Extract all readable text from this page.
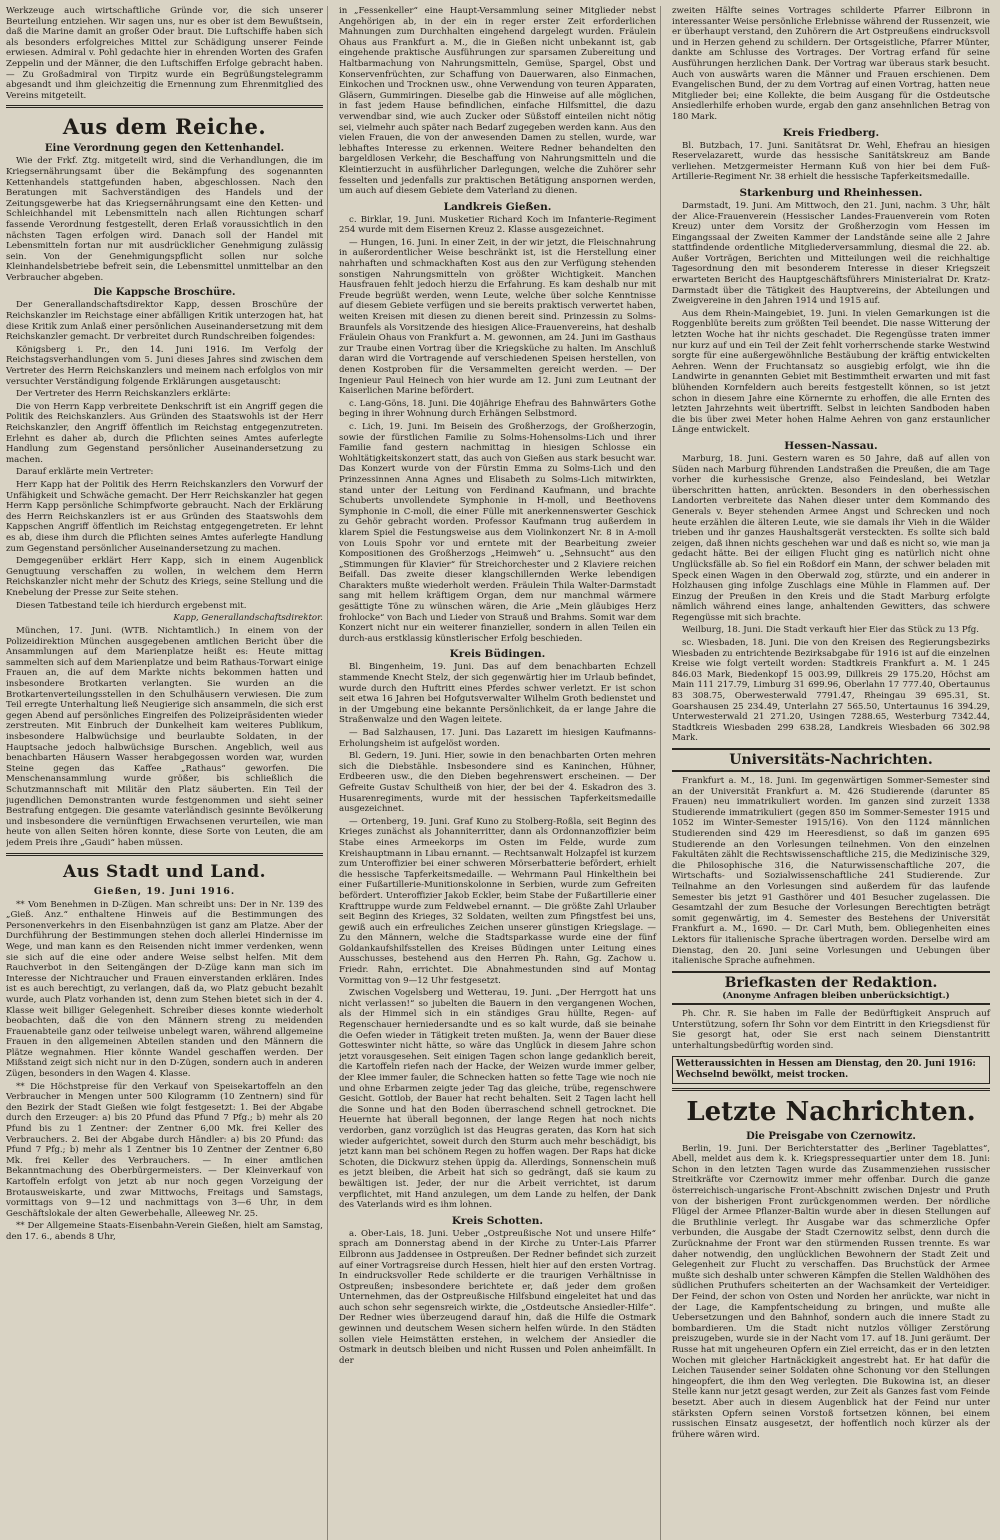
Werkzeuge auch wirtschaftliche Gründe vor, die sich unserer Beurteilung entziehen. Wir sagen uns, nur es ober ist dem Bewußtsein, daß die Marine damit an großer Oder braut. Die Luftschiffe haben sich als besonders erfolgreiches Mittel zur Schädigung unserer Feinde erwiesen. Admiral v. Pohl gedachte hier in ehrenden Worten des Grafen Zeppelin und der Männer, die den Luftschiffen Erfolge gebracht haben. — Zu Großadmiral von Tirpitz wurde ein Begrüßungstelegramm abgesandt und ihm gleichzeitig die Ernennung zum Ehrenmitglied des Vereins mitgeteilt.

Aus dem Reiche.
Eine Verordnung gegen den Kettenhandel.

Wie der Frkf. Ztg. mitgeteilt wird, sind die Verhandlungen, die im Kriegsernährungsamt über die Bekämpfung des sogenannten Kettenhandels stattgefunden haben, abgeschlossen. Nach den Beratungen mit Sachverständigen des Handels und der Zeitungsgewerbe hat das Kriegsernährungsamt eine den Ketten- und Schleichhandel mit Lebensmitteln nach allen Richtungen scharf fassende Verordnung festgestellt, deren Erlaß voraussichtlich in den nächsten Tagen erfolgen wird. Danach soll der Handel mit Lebensmitteln fortan nur mit ausdrücklicher Genehmigung zulässig sein. Von der Genehmigungspflicht sollen nur solche Kleinhandelsbetriebe befreit sein, die Lebensmittel unmittelbar an den Verbraucher abgeben.

Die Kappsche Broschüre.

Der Generallandschaftsdirektor Kapp, dessen Broschüre der Reichskanzler im Reichstage einer abfälligen Kritik unterzogen hat, hat diese Kritik zum Anlaß einer persönlichen Auseinandersetzung mit dem Reichskanzler gemacht. Dr verbreitet durch Rundschreiben folgendes:

Königsberg i. Pr., den 14. Juni 1916. Im Verfolg der Reichstagsverhandlungen vom 5. Juni dieses Jahres sind zwischen dem Vertreter des Herrn Reichskanzlers und meinem nach erfolglos von mir versuchter Verständigung folgende Erklärungen ausgetauscht:

Der Vertreter des Herrn Reichskanzlers erklärte:

Die von Herrn Kapp verbreitete Denkschrift ist ein Angriff gegen die Politik des Reichskanzlers. Aus Gründen des Staatswohls ist der Herr Reichskanzler, den Angriff öffentlich im Reichstag entgegenzutreten. Erlehnt es daher ab, durch die Pflichten seines Amtes auferlegte Handlung zum Gegenstand persönlicher Auseinandersetzung zu machen.

Darauf erklärte mein Vertreter:

Herr Kapp hat der Politik des Herrn Reichskanzlers den Vorwurf der Unfähigkeit und Schwäche gemacht. Der Herr Reichskanzler hat gegen Herrn Kapp persönliche Schimpfworte gebraucht. Nach der Erklärung des Herrn Reichskanzlers ist er aus Gründen des Staatswohls dem Kappschen Angriff öffentlich im Reichstag entgegengetreten. Er lehnt es ab, diese ihm durch die Pflichten seines Amtes auferlegte Handlung zum Gegenstand persönlicher Auseinandersetzung zu machen.

Demgegenüber erklärt Herr Kapp, sich in einem Augenblick Genugtuung verschaffen zu wollen, in welchem dem Herrn Reichskanzler nicht mehr der Schutz des Kriegs, seine Stellung und die Knebelung der Presse zur Seite stehen.

Diesen Tatbestand teile ich hierdurch ergebenst mit.

Kapp, Generallandschaftsdirektor.

München, 17. Juni. (WTB. Nichtamtlich.) In einem von der Polizeidirektion München ausgegebenen amtlichen Bericht über die Ansammlungen auf dem Marienplatze heißt es: Heute mittag sammelten sich auf dem Marienplatze und beim Rathaus-Torwart einige Frauen an, die auf dem Markte nichts bekommen hatten und insbesondere Brotkarten verlangten. Sie wurden an die Brotkartenverteilungsstellen in den Schulhäusern verwiesen. Die zum Teil erregte Unterhaltung ließ Neugierige sich ansammeln, die sich erst gegen Abend auf persönliches Eingreifen des Polizeipräsidenten wieder zerstreuten. Mit Einbruch der Dunkelheit kam weiteres Publikum, insbesondere Halbwüchsige und beurlaubte Soldaten, in der Hauptsache jedoch halbwüchsige Burschen. Angeblich, weil aus benachbarten Häusern Wasser herabgegossen worden war, wurden Steine gegen das Kaffee „Rathaus“ geworfen. Die Menschenansammlung wurde größer, bis schließlich die Schutzmannschaft mit Militär den Platz säuberten. Ein Teil der jugendlichen Demonstranten wurde festgenommen und sieht seiner Bestrafung entgegen. Die gesamte vaterländisch gesinnte Bevölkerung und insbesondere die vernünftigen Erwachsenen verurteilen, wie man heute von allen Seiten hören konnte, diese Sorte von Leuten, die am jedem Preis ihre „Gaudi“ haben müssen.

Aus Stadt und Land.
Gießen, 19. Juni 1916.

** Vom Benehmen in D-Zügen. Man schreibt uns: Der in Nr. 139 des „Gieß. Anz.“ enthaltene Hinweis auf die Bestimmungen des Personenverkehrs in den Eisenbahnzügen ist ganz am Platze. Aber der Durchführung der Bestimmungen stehen doch allerlei Hindernisse im Wege, und man kann es den Reisenden nicht immer verdenken, wenn sie sich auf die eine oder andere Weise selbst helfen. Mit dem Rauchverbot in den Seitengängen der D-Züge kann man sich im Interesse der Nichtraucher und Frauen einverstanden erklären. Indes ist es auch berechtigt, zu verlangen, daß da, wo Platz gebucht bezahlt wurde, auch Platz vorhanden ist, denn zum Stehen bietet sich in der 4. Klasse weit billiger Gelegenheit. Schreiber dieses konnte wiederholt beobachten, daß die von den Männern streng zu meidenden Frauenabteile ganz oder teilweise unbelegt waren, während allgemeine Frauen in den allgemeinen Abteilen standen und den Männern die Plätze wegnahmen. Hier könnte Wandel geschaffen werden. Der Mißstand zeigt sich nicht nur in den D-Zügen, sondern auch in anderen Zügen, besonders in den Wagen 4. Klasse.

** Die Höchstpreise für den Verkauf von Speisekartoffeln an den Verbraucher in Mengen unter 500 Kilogramm (10 Zentnern) sind für den Bezirk der Stadt Gießen wie folgt festgesetzt: 1. Bei der Abgabe durch den Erzeuger: a) bis 20 Pfund das Pfund 7 Pfg.; b) mehr als 20 Pfund bis zu 1 Zentner: der Zentner 6,00 Mk. frei Keller des Verbrauchers. 2. Bei der Abgabe durch Händler: a) bis 20 Pfund: das Pfund 7 Pfg.; b) mehr als 1 Zentner bis 10 Zentner der Zentner 6,80 Mk. frei Keller des Verbrauchers. — In einer amtlichen Bekanntmachung des Oberbürgermeisters. — Der Kleinverkauf von Kartoffeln erfolgt von jetzt ab nur noch gegen Vorzeigung der Brotausweiskarte, und zwar Mittwochs, Freitags und Samstags, vormittags von 9—12 und nachmittags von 3—6 Uhr, in dem Geschäftslokale der alten Gewerbehalle, Alleeweg Nr. 25.

** Der Allgemeine Staats-Eisenbahn-Verein Gießen, hielt am Samstag, den 17. 6., abends 8 Uhr,

in „Fessenkeller“ eine Haupt-Versammlung seiner Mitglieder nebst Angehörigen ab, in der ein in reger erster Zeit erforderlichen Mahnungen zum Durchhalten eingehend dargelegt wurden. Fräulein Ohaus aus Frankfurt a. M., die in Gießen nicht unbekannt ist, gab eingehende praktische Ausführungen zur sparsamen Zubereitung und Haltbarmachung von Nahrungsmitteln, Gemüse, Spargel, Obst und Konservenfrüchten, zur Schaffung von Dauerwaren, also Einmachen, Einkochen und Trocknen usw., ohne Verwendung von teuren Apparaten, Gläsern, Gummiringen. Dieselbe gab die Hinweise auf alle möglichen, in fast jedem Hause befindlichen, einfache Hilfsmittel, die dazu verwendbar sind, wie auch Zucker oder Süßstoff einteilen nicht nötig sei, vielmehr auch später nach Bedarf zugegeben werden kann. Aus den vielen Frauen, die von der anwesenden Damen zu stellen, wurde, war lebhaftes Interesse zu erkennen. Weitere Redner behandelten den bargeldlosen Verkehr, die Beschaffung von Nahrungsmitteln und die Kleintierzucht in ausführlicher Darlegungen, welche die Zuhörer sehr fesselten und jedenfalls zur praktischen Betätigung anspornen werden, um auch auf diesem Gebiete dem Vaterland zu dienen.

Landkreis Gießen.

c. Birklar, 19. Juni. Musketier Richard Koch im Infanterie-Regiment 254 wurde mit dem Eisernen Kreuz 2. Klasse ausgezeichnet.

— Hungen, 16. Juni. In einer Zeit, in der wir jetzt, die Fleischnahrung in außerordentlicher Weise beschränkt ist, ist die Herstellung einer nahrhaften und schmackhaften Kost aus den zur Verfügung stehenden sonstigen Nahrungsmitteln von größter Wichtigkeit. Manchen Hausfrauen fehlt jedoch hierzu die Erfahrung. Es kam deshalb nur mit Freude begrüßt werden, wenn Leute, welche über solche Kenntnisse auf diesem Gebiete verfügen und sie bereits praktisch verwertet haben, weiten Kreisen mit diesen zu dienen bereit sind. Prinzessin zu Solms-Braunfels als Vorsitzende des hiesigen Alice-Frauenvereins, hat deshalb Fräulein Ohaus von Frankfurt a. M. gewonnen, am 24. Juni im Gasthaus zur Traube einen Vortrag über die Kriegsküche zu halten. Im Anschluß daran wird die Vortragende auf verschiedenen Speisen herstellen, von denen Kostproben für die Versammelten gereicht werden. — Der Ingenieur Paul Heinech von hier wurde am 12. Juni zum Leutnant der Kaiserlichen Marine befördert.

c. Lang-Göns, 18. Juni. Die 40jährige Ehefrau des Bahnwärters Gothe beging in ihrer Wohnung durch Erhängen Selbstmord.

c. Lich, 19. Juni. Im Beisein des Großherzogs, der Großherzogin, sowie der fürstlichen Familie zu Solms-Hohensolms-Lich und ihrer Familie fand gestern nachmittag in hiesigen Schlosse ein Wohltätigkeitskonzert statt, das auch von Gießen aus stark besucht war. Das Konzert wurde von der Fürstin Emma zu Solms-Lich und den Prinzessinnen Anna Agnes und Elisabeth zu Solms-Lich mitwirkten, stand unter der Leitung von Ferdinand Kaufmann, und brachte Schuberts unvollendete Symphonie in H-moll, und Beethovens Symphonie in C-moll, die einer Fülle mit anerkennenswerter Geschick zu Gehör gebracht worden. Professor Kaufmann trug außerdem in klarem Spiel die Festungsweise aus dem Violinkonzert Nr. 8 in A-moll von Louis Spohr vor und erntete mit der Bearbeitung zweier Kompositionen des Großherzogs „Heimweh“ u. „Sehnsucht“ aus den „Stimmungen für Klavier“ für Streichorchester und 2 Klaviere reichen Beifall. Das zweite dieser klangschillernden Werke lebendigen Charakters mußte wiederholt werden. Fräulein Thila Walter-Darmstadt sang mit hellem kräftigem Organ, dem nur manchmal wärmere gesättigte Töne zu wünschen wären, die Arie „Mein gläubiges Herz frohlocke“ von Bach und Lieder von Strauß und Brahms. Somit war dem Konzert nicht nur ein weiterer finanzieller, sondern in allen Teilen ein durch-aus erstklassig künstlerischer Erfolg beschieden.

Kreis Büdingen.

Bl. Bingenheim, 19. Juni. Das auf dem benachbarten Echzell stammende Knecht Stelz, der sich gegenwärtig hier im Urlaub befindet, wurde durch den Huftritt eines Pferdes schwer verletzt. Er ist schon seit etwa 16 Jahren bei Hofgutsverwalter Wilhelm Groth bedienstet und in der Umgebung eine bekannte Persönlichkeit, da er lange Jahre die Straßenwalze und den Wagen leitete.

— Bad Salzhausen, 17. Juni. Das Lazarett im hiesigen Kaufmanns-Erholungsheim ist aufgelöst worden.

Bl. Gedern, 19. Juni. Hier, sowie in den benachbarten Orten mehren sich die Diebstähle. Insbesondere sind es Kaninchen, Hühner, Erdbeeren usw., die den Dieben begehrenswert erscheinen. — Der Gefreite Gustav Schultheiß von hier, der bei der 4. Eskadron des 3. Husarenregiments, wurde mit der hessischen Tapferkeitsmedaille ausgezeichnet.

— Ortenberg, 19. Juni. Graf Kuno zu Stolberg-Roßla, seit Beginn des Krieges zunächst als Johanniterritter, dann als Ordonnanzoffizier beim Stabe eines Armeekorps im Osten im Felde, wurde zum Kreishauptmann in Libau ernannt. — Rechtsanwalt Holzapfel ist kurzem zum Unteroffizier bei einer schweren Mörserbatterie befördert, erhielt die hessische Tapferkeitsmedaille. — Wehrmann Paul Hinkelthein bei einer Fußartillerie-Munitionskolonne in Serbien, wurde zum Gefreiten befördert. Unteroffizier Jakob Eckler, beim Stabe der Fußartillerie einer Krafttruppe wurde zum Feldwebel ernannt. — Die größte Zahl Urlauber seit Beginn des Krieges, 32 Soldaten, weilten zum Pfingstfest bei uns, gewiß auch ein erfreuliches Zeichen unserer günstigen Kriegslage. — Zu den Männern, welche die Stadtsparkasse wurde eine der fünf Goldankaufshilfsstellen des Kreises Büdingen unter Leitung eines Ausschusses, bestehend aus den Herren Ph. Rahn, Gg. Zachow u. Friedr. Rahn, errichtet. Die Abnahmestunden sind auf Montag Vormittag von 9—12 Uhr festgesetzt.

Zwischen Vogelsberg und Wetterau, 19. Juni. „Der Herrgott hat uns nicht verlassen!“ so jubelten die Bauern in den vergangenen Wochen, als der Himmel sich in ein ständiges Grau hüllte, Regen- auf Regenschauer herniedersandte und es so kalt wurde, daß sie beinahe die Oefen wieder in Tätigkeit treten mußten. Ja, wenn der Bauer diese Gotteswinter nicht hätte, so wäre das Unglück in diesem Jahre schon jetzt vorausgesehen. Seit einigen Tagen schon lange gedanklich bereit, die Kartoffeln riefen nach der Hacke, der Weizen wurde immer gelber, der Klee immer fauler, die Schnecken hatten so fette Tage wie noch nie und ohne Erbarmen zeigte jeder Tag das gleiche, trübe, regenschwere Gesicht. Gottlob, der Bauer hat recht behalten. Seit 2 Tagen lacht hell die Sonne und hat den Boden überraschend schnell getrocknet. Die Heuernte hat überall begonnen, der lange Regen hat noch nichts verdorben, ganz vorzüglich ist das Heugras geraten, das Korn hat sich wieder aufgerichtet, soweit durch den Sturm auch mehr beschädigt, bis jetzt kann man bei schönem Regen zu hoffen wagen. Der Raps hat dicke Schoten, die Dickwurz stehen üppig da. Allerdings, Sonnenschein muß es jetzt bleiben, die Arbeit hat sich so gedrängt, daß sie kaum zu bewältigen ist. Jeder, der nur die Arbeit verrichtet, ist darum verpflichtet, mit Hand anzulegen, um dem Lande zu helfen, der Dank des Vaterlands wird es ihm lohnen.

Kreis Schotten.

a. Ober-Lais, 18. Juni. Ueber „Ostpreußische Not und unsere Hilfe“ sprach am Donnerstag abend in der Kirche zu Unter-Lais Pfarrer Eilbronn aus Jaddensee in Ostpreußen. Der Redner befindet sich zurzeit auf einer Vortragsreise durch Hessen, hielt hier auf den ersten Vortrag. In eindrucksvoller Rede schilderte er die traurigen Verhältnisse in Ostpreußen; insbesondere berichtete er, daß jeder dem großen Unternehmen, das der Ostpreußische Hilfsbund eingeleitet hat und das auch schon sehr segensreich wirkte, die „Ostdeutsche Ansiedler-Hilfe“. Der Redner wies überzeugend darauf hin, daß die Hilfe die Ostmark gewinnen und deutschem Wesen sichern helfen würde. In den Städten sollen viele Heimstätten erstehen, in welchem der Ansiedler die Ostmark in deutsch bleiben und nicht Russen und Polen anheimfällt. In der

zweiten Hälfte seines Vortrages schilderte Pfarrer Eilbronn in interessanter Weise persönliche Erlebnisse während der Russenzeit, wie er überhaupt verstand, den Zuhörern die Art Ostpreußens eindrucksvoll und in Herzen gehend zu schildern. Der Ortsgeistliche, Pfarrer Münter, dankte am Schlusse des Vortrages. Der Vortrag erfand für seine Ausführungen herzlichen Dank. Der Vortrag war überaus stark besucht. Auch von auswärts waren die Männer und Frauen erschienen. Dem Evangelischen Bund, der zu dem Vortrag auf einen Vortrag, hatten neue Mitglieder bei; eine Kollekte, die beim Ausgang für die Ostdeutsche Ansiedlerhilfe erhoben wurde, ergab den ganz ansehnlichen Betrag von 180 Mark.

Kreis Friedberg.

Bl. Butzbach, 17. Juni. Sanitätsrat Dr. Wehl, Ehefrau an hiesigen Reservelazarett, wurde das hessische Sanitätskreuz am Bande verliehen. Metzgermeister Hermann Kuß von hier bei dem Fuß-Artillerie-Regiment Nr. 38 erhielt die hessische Tapferkeitsmedaille.

Starkenburg und Rheinhessen.

Darmstadt, 19. Juni. Am Mittwoch, den 21. Juni, nachm. 3 Uhr, hält der Alice-Frauenverein (Hessischer Landes-Frauenverein vom Roten Kreuz) unter dem Vorsitz der Großherzogin vom Hessen im Eingangssaal der Zweiten Kammer der Landstände seine alle 2 Jahre stattfindende ordentliche Mitgliederversammlung, diesmal die 22. ab. Außer Vorträgen, Berichten und Mitteilungen weil die reichhaltige Tagesordnung den mit besonderem Interesse in dieser Kriegszeit erwarteten Bericht des Hauptgeschäftsführers Ministerialrat Dr. Kratz-Darmstadt über die Tätigkeit des Hauptvereins, der Abteilungen und Zweigvereine in den Jahren 1914 und 1915 auf.

Aus dem Rhein-Maingebiet, 19. Juni. In vielen Gemarkungen ist die Roggenblüte bereits zum größten Teil beendet. Die nasse Witterung der letzten Woche hat ihr nichts geschadet. Die Regengüsse traten immer nur kurz auf und ein Teil der Zeit fehlt vorherrschende starke Westwind sorgte für eine außergewöhnliche Bestäubung der kräftig entwickelten Aehren. Wenn der Fruchtansatz so ausgiebig erfolgt, wie ihn die Landwirte in genannten Gebiet mit Bestimmtheit erwarten und mit fast blühenden Kornfeldern auch bereits festgestellt können, so ist jetzt schon in diesem Jahre eine Körnernte zu erhoffen, die alle Ernten des letzten Jahrzehnts weit übertrifft. Selbst in leichten Sandboden haben die bis über zwei Meter hohen Halme Aehren von ganz erstaunlicher Länge entwickelt.

Hessen-Nassau.

Marburg, 18. Juni. Gestern waren es 50 Jahre, daß auf allen von Süden nach Marburg führenden Landstraßen die Preußen, die am Tage vorher die kurhessische Grenze, also Feindesland, bei Wetzlar überschritten hatten, anrückten. Besonders in den oberhessischen Landorten verbreitete das Nahen dieser unter dem Kommando des Generals v. Beyer stehenden Armee Angst und Schrecken und noch heute erzählen die älteren Leute, wie sie damals ihr Vieh in die Wälder trieben und ihr ganzes Haushaltsgerät versteckten. Es sollte sich bald zeigen, daß ihnen nichts geschehen war und daß es nicht so, wie man ja gedacht hätte. Bei der eiligen Flucht ging es natürlich nicht ohne Unglücksfälle ab. So fiel ein Roßdorf ein Mann, der schwer beladen mit Speck einen Wagen in den Oberwald zog, stürzte, und ein anderer in Holzhausen ging infolge Zuschlags eine Mühle in Flammen auf. Der Einzug der Preußen in den Kreis und die Stadt Marburg erfolgte nämlich während eines lange, anhaltenden Gewitters, das schwere Regengüsse mit sich brachte.

Weilburg, 18. Juni. Die Stadt verkauft hier Eier das Stück zu 13 Pfg.

sc. Wiesbaden, 18. Juni. Die von den Kreisen des Regierungsbezirks Wiesbaden zu entrichtende Bezirksabgabe für 1916 ist auf die einzelnen Kreise wie folgt verteilt worden: Stadtkreis Frankfurt a. M. 1 245 846.03 Mark, Biedenkopf 15 003.99, Dillkreis 29 175.20, Höchst am Main 111 217.79, Limburg 31 699.96, Oberlahn 17 777.40, Obertaunus 83 308.75, Oberwesterwald 7791.47, Rheingau 39 695.31, St. Goarshausen 25 234.49, Unterlahn 27 565.50, Untertaunus 16 394.29, Unterwesterwald 21 271.20, Usingen 7288.65, Westerburg 7342.44, Stadtkreis Wiesbaden 299 638.28, Landkreis Wiesbaden 66 302.98 Mark.

Universitäts-Nachrichten.

Frankfurt a. M., 18. Juni. Im gegenwärtigen Sommer-Semester sind an der Universität Frankfurt a. M. 426 Studierende (darunter 85 Frauen) neu immatrikuliert worden. Im ganzen sind zurzeit 1338 Studierende immatrikuliert (gegen 850 im Sommer-Semester 1915 und 1052 im Winter-Semester 1915/16). Von den 1124 männlichen Studierenden sind 429 im Heeresdienst, so daß im ganzen 695 Studierende an den Vorlesungen teilnehmen. Von den einzelnen Fakultäten zählt die Rechtswissenschaftliche 215, die Medizinische 329, die Philosophische 316, die Naturwissenschaftliche 207, die Wirtschafts- und Sozialwissenschaftliche 241 Studierende. Zur Teilnahme an den Vorlesungen sind außerdem für das laufende Semester bis jetzt 91 Gasthörer und 401 Besucher zugelassen. Die Gesamtzahl der zum Besuche der Vorlesungen Berechtigten beträgt somit gegenwärtig, im 4. Semester des Bestehens der Universität Frankfurt a. M., 1690. — Dr. Carl Muth, bem. Obliegenheiten eines Lektors für italienische Sprache übertragen worden. Derselbe wird am Dienstag, den 20. Juni seine Vorlesungen und Uebungen über italienische Sprache aufnehmen.

Briefkasten der Redaktion.

(Anonyme Anfragen bleiben unberücksichtigt.)

Ph. Chr. R. Sie haben im Falle der Bedürftigkeit Anspruch auf Unterstützung, sofern Ihr Sohn vor dem Eintritt in den Kriegsdienst für Sie gesorgt hat, oder Sie erst nach seinem Dienstantritt unterhaltungsbedürftig worden sind.

Wetteraussichten in Hessen am Dienstag, den 20. Juni 1916: Wechselnd bewölkt, meist trocken.
Letzte Nachrichten.
Die Preisgabe von Czernowitz.

Berlin, 19. Juni. Der Berichterstatter des „Berliner Tageblattes“, Abell, meldet aus dem k. k. Kriegspressequartier unter dem 18. Juni: Schon in den letzten Tagen wurde das Zusammenziehen russischer Streitkräfte vor Czernowitz immer mehr offenbar. Durch die ganze österreichisch-ungarische Front-Abschnitt zwischen Dnjestr und Pruth von der bisherigen Front zurückgenommen werden. Der nördliche Flügel der Armee Pflanzer-Baltin wurde aber in diesen Stellungen auf die Bruthlinie verlegt. Ihr Ausgabe war das schmerzliche Opfer verbunden, die Ausgabe der Stadt Czernowitz selbst, denn durch die Zurücknahme der Front war den stürmenden Russen trennte. Es war daher notwendig, den unglücklichen Bewohnern der Stadt Zeit und Gelegenheit zur Flucht zu verschaffen. Das Bruchstück der Armee mußte sich deshalb unter schweren Kämpfen die Stellen Waldhöhen des südlichen Pruthufers scheiterten an der Wachsamkeit der Verteidiger. Der Feind, der schon von Osten und Norden her anrückte, war nicht in der Lage, die Kampfentscheidung zu bringen, und mußte alle Uebersetzungen und den Bahnhof, sondern auch die innere Stadt zu bombardieren. Um die Stadt nicht nutzlos völliger Zerstörung preiszugeben, wurde sie in der Nacht vom 17. auf 18. Juni geräumt. Der Russe hat mit ungeheuren Opfern ein Ziel erreicht, das er in den letzten Wochen mit gleicher Hartnäckigkeit angestrebt hat. Er hat dafür die Leichen Tausender seiner Soldaten ohne Schonung vor den Stellungen hingeopfert, die ihm den Weg verlegten. Die Bukowina ist, an dieser Stelle kann nur jetzt gesagt werden, zur Zeit als Ganzes fast vom Feinde besetzt. Aber auch in diesem Augenblick hat der Feind nur unter stärksten Opfern seinen Vorstoß fortsetzen können, bei einem russischen Einsatz ausgesetzt, der hoffentlich noch kürzer als der frühere wären wird.
